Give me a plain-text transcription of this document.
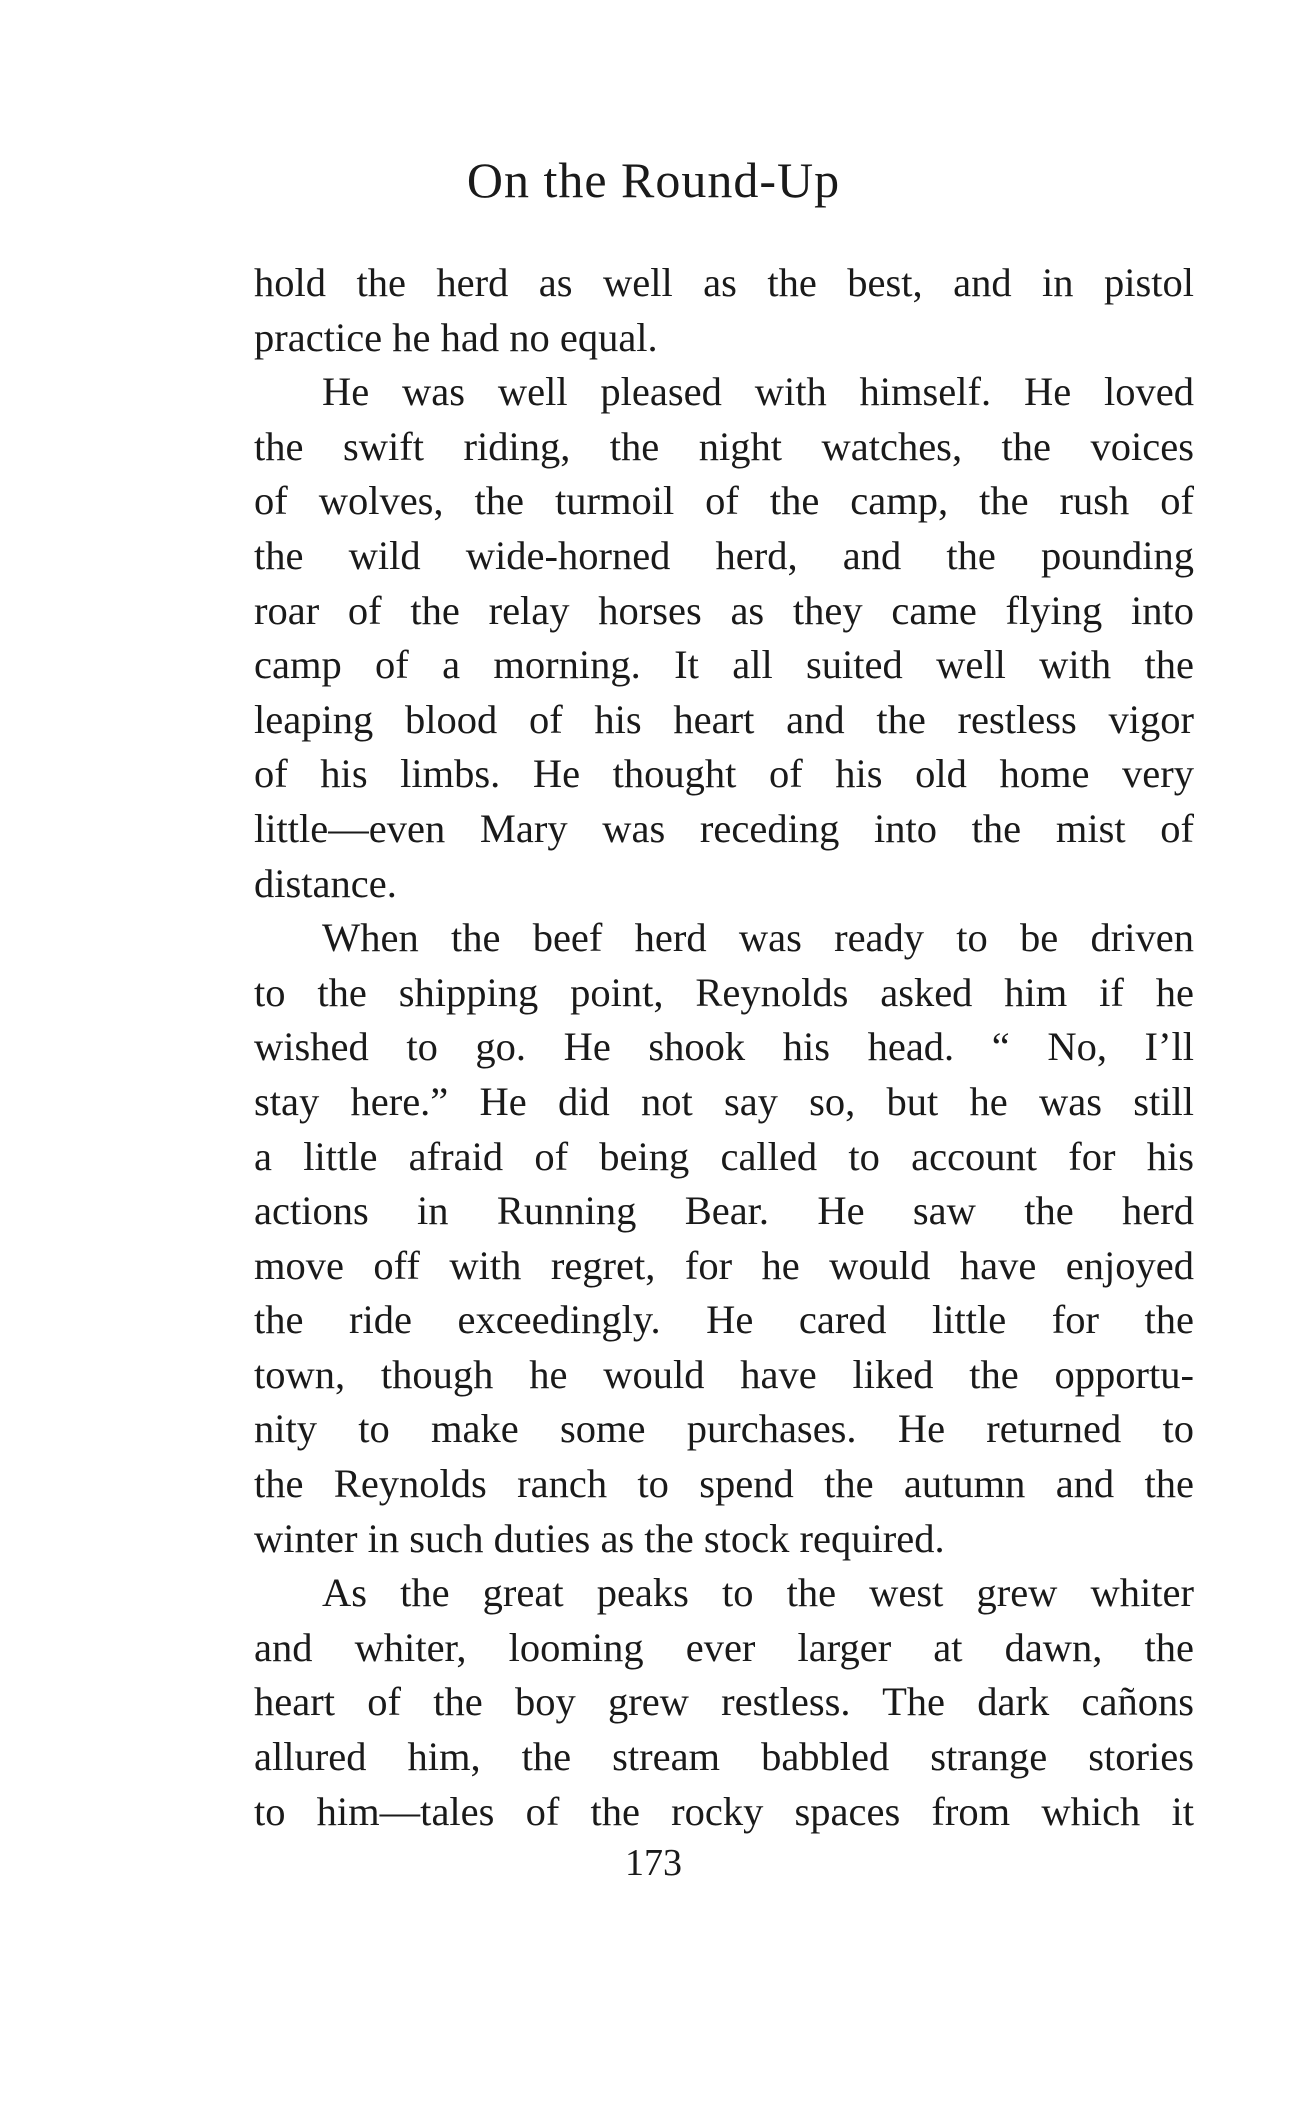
On the Round-Up
hold the herd as well as the best, and in pistol
practice he had no equal.
He was well pleased with himself. He loved
the swift riding, the night watches, the voices
of wolves, the turmoil of the camp, the rush of
the wild wide-horned herd, and the pounding
roar of the relay horses as they came flying into
camp of a morning. It all suited well with the
leaping blood of his heart and the restless vigor
of his limbs. He thought of his old home very
little—even Mary was receding into the mist of
distance.
When the beef herd was ready to be driven
to the shipping point, Reynolds asked him if he
wished to go. He shook his head. “ No, I’ll
stay here.” He did not say so, but he was still
a little afraid of being called to account for his
actions in Running Bear. He saw the herd
move off with regret, for he would have enjoyed
the ride exceedingly. He cared little for the
town, though he would have liked the opportu-
nity to make some purchases. He returned to
the Reynolds ranch to spend the autumn and the
winter in such duties as the stock required.
As the great peaks to the west grew whiter
and whiter, looming ever larger at dawn, the
heart of the boy grew restless. The dark cañons
allured him, the stream babbled strange stories
to him—tales of the rocky spaces from which it
173
